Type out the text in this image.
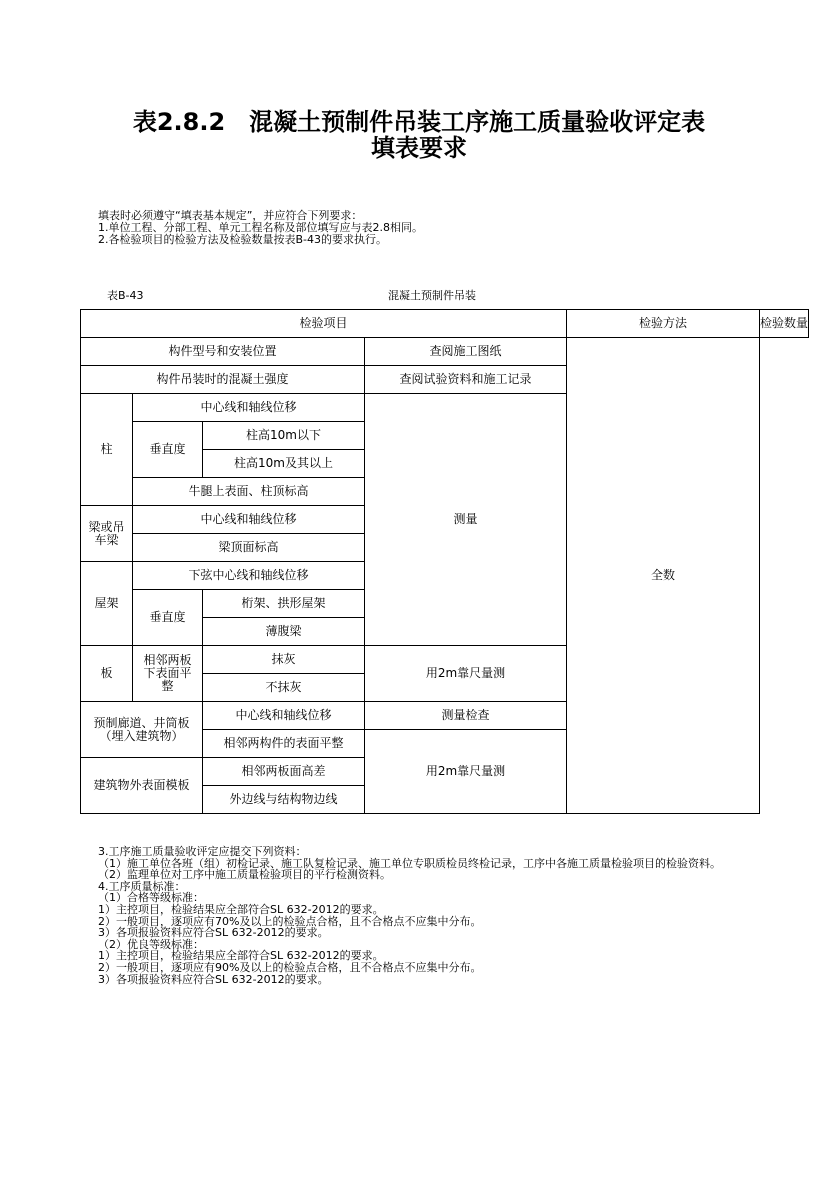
表2.8.2　混凝土预制件吊装工序施工质量验收评定表
填表要求
填表时必须遵守“填表基本规定”，并应符合下列要求：
1.单位工程、分部工程、单元工程名称及部位填写应与表2.8相同。
2.各检验项目的检验方法及检验数量按表B-43的要求执行。
表B-43	混凝土预制件吊装
检验项目				检验方法	检验数量
构件型号和安装位置			查阅施工图纸	全数	
构件吊装时的混凝土强度			查阅试验资料和施工记录		
柱	中心线和轴线位移		测量		
	垂直度	柱高10m以下			
		柱高10m及其以上			
	牛腿上表面、柱顶标高				
梁或吊车梁	中心线和轴线位移				
	梁顶面标高				
屋架	下弦中心线和轴线位移				
	垂直度	桁架、拱形屋架			
		薄腹梁			
板	相邻两板下表面平整	抹灰	用2m靠尺量测		
		不抹灰			
预制廊道、井筒板（埋入建筑物）		中心线和轴线位移	测量检查		
		相邻两构件的表面平整	用2m靠尺量测		
建筑物外表面模板		相邻两板面高差			
		外边线与结构物边线			

3.工序施工质量验收评定应提交下列资料：

（1）施工单位各班（组）初检记录、施工队复检记录、施工单位专职质检员终检记录，工序中各施工质量检验项目的检验资料。

（2）监理单位对工序中施工质量检验项目的平行检测资料。

4.工序质量标准：

（1）合格等级标准：

1）主控项目，检验结果应全部符合SL 632-2012的要求。

2）一般项目，逐项应有70%及以上的检验点合格，且不合格点不应集中分布。

3）各项报验资料应符合SL 632-2012的要求。

（2）优良等级标准：

1）主控项目，检验结果应全部符合SL 632-2012的要求。

2）一般项目，逐项应有90%及以上的检验点合格，且不合格点不应集中分布。

3）各项报验资料应符合SL 632-2012的要求。
